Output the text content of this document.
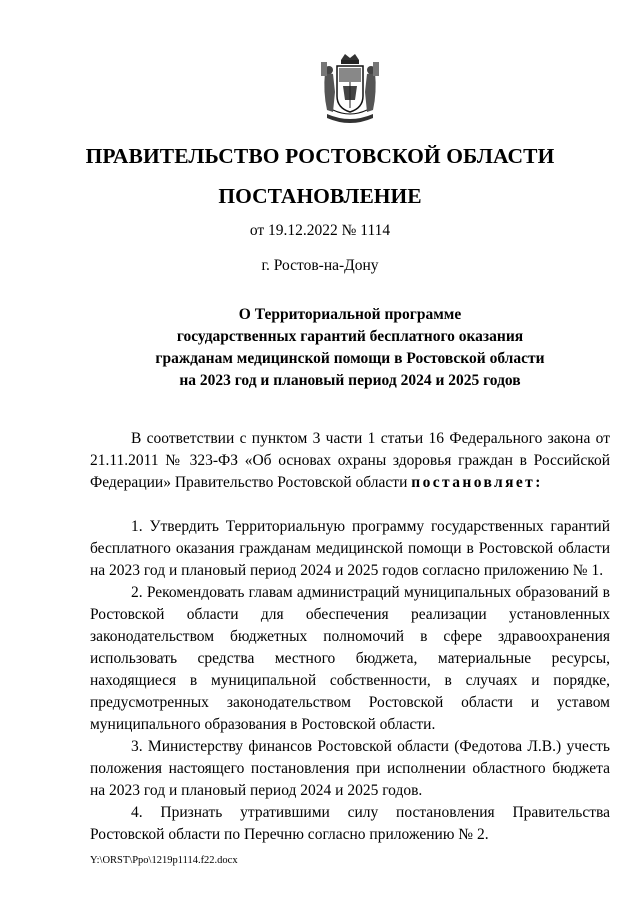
ПРАВИТЕЛЬСТВО РОСТОВСКОЙ ОБЛАСТИ
ПОСТАНОВЛЕНИЕ
от 19.12.2022 № 1114
г. Ростов-на-Дону
О Территориальной программе
государственных гарантий бесплатного оказания
гражданам медицинской помощи в Ростовской области
на 2023 год и плановый период 2024 и 2025 годов

В соответствии с пунктом 3 части 1 статьи 16 Федерального закона от 21.11.2011 № 323-ФЗ «Об основах охраны здоровья граждан в Российской Федерации» Правительство Ростовской области постановляет:

1. Утвердить Территориальную программу государственных гарантий бесплатного оказания гражданам медицинской помощи в Ростовской области на 2023 год и плановый период 2024 и 2025 годов согласно приложению № 1.

2. Рекомендовать главам администраций муниципальных образований в Ростовской области для обеспечения реализации установленных законодательством бюджетных полномочий в сфере здравоохранения использовать средства местного бюджета, материальные ресурсы, находящиеся в муниципальной собственности, в случаях и порядке, предусмотренных законодательством Ростовской области и уставом муниципального образования в Ростовской области.

3. Министерству финансов Ростовской области (Федотова Л.В.) учесть положения настоящего постановления при исполнении областного бюджета на 2023 год и плановый период 2024 и 2025 годов.

4. Признать утратившими силу постановления Правительства Ростовской области по Перечню согласно приложению № 2.

Y:\ORST\Ppo\1219p1114.f22.docx
